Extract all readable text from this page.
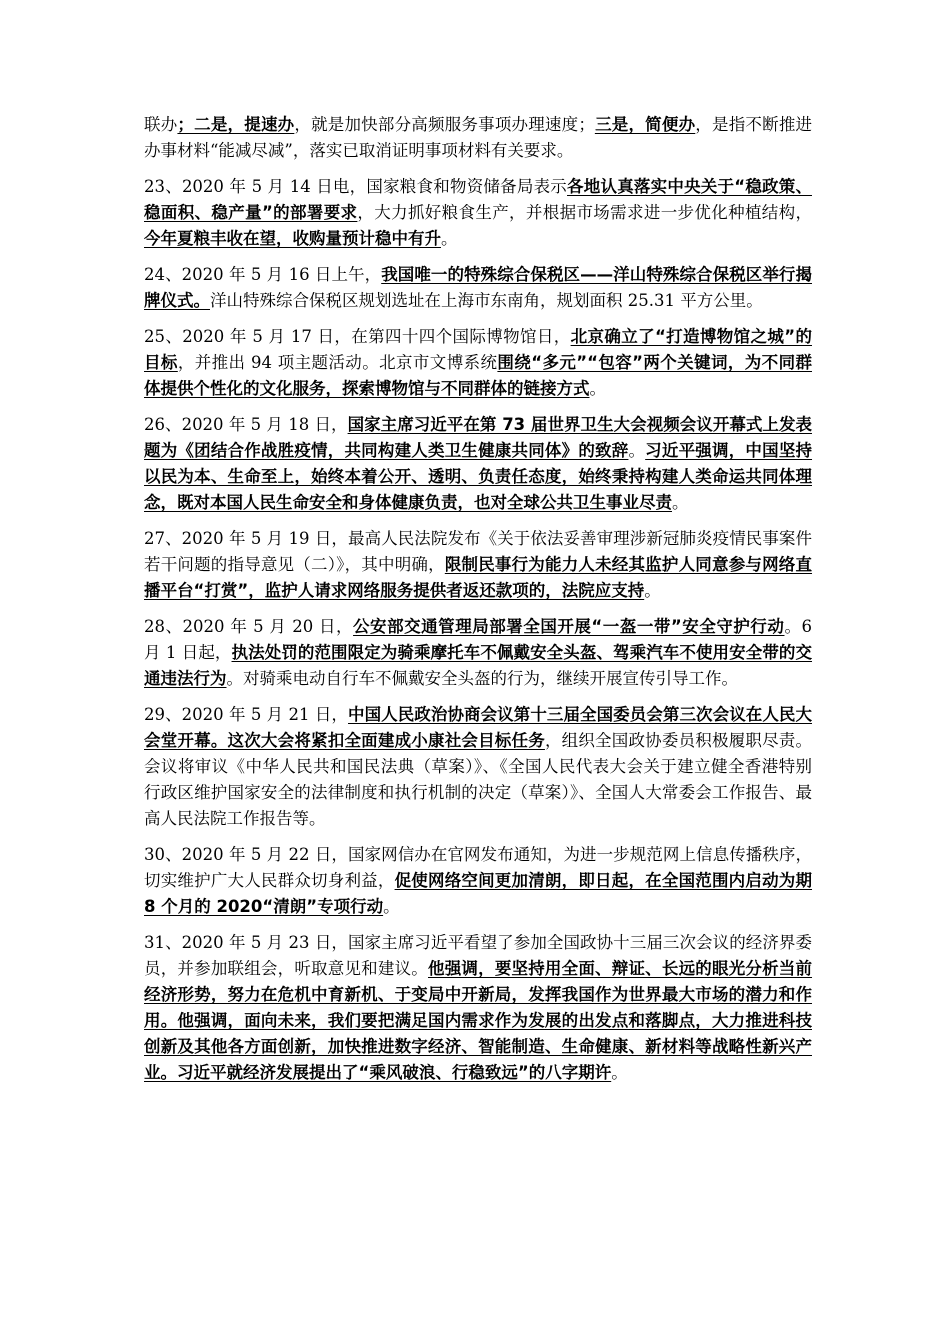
联办；二是，提速办，就是加快部分高频服务事项办理速度；三是，简便办，是指不断推进办事材料“能减尽减”，落实已取消证明事项材料有关要求。

23、2020 年 5 月 14 日电，国家粮食和物资储备局表示各地认真落实中央关于“稳政策、稳面积、稳产量”的部署要求，大力抓好粮食生产，并根据市场需求进一步优化种植结构，今年夏粮丰收在望，收购量预计稳中有升。

24、2020 年 5 月 16 日上午，我国唯一的特殊综合保税区——洋山特殊综合保税区举行揭牌仪式。洋山特殊综合保税区规划选址在上海市东南角，规划面积 25.31 平方公里。

25、2020 年 5 月 17 日，在第四十四个国际博物馆日，北京确立了“打造博物馆之城”的目标，并推出 94 项主题活动。北京市文博系统围绕“多元”“包容”两个关键词，为不同群体提供个性化的文化服务，探索博物馆与不同群体的链接方式。

26、2020 年 5 月 18 日，国家主席习近平在第 73 届世界卫生大会视频会议开幕式上发表题为《团结合作战胜疫情，共同构建人类卫生健康共同体》的致辞。习近平强调，中国坚持以民为本、生命至上，始终本着公开、透明、负责任态度，始终秉持构建人类命运共同体理念，既对本国人民生命安全和身体健康负责，也对全球公共卫生事业尽责。

27、2020 年 5 月 19 日，最高人民法院发布《关于依法妥善审理涉新冠肺炎疫情民事案件若干问题的指导意见（二）》，其中明确，限制民事行为能力人未经其监护人同意参与网络直播平台“打赏”，监护人请求网络服务提供者返还款项的，法院应支持。

28、2020 年 5 月 20 日，公安部交通管理局部署全国开展“一盔一带”安全守护行动。6 月 1 日起，执法处罚的范围限定为骑乘摩托车不佩戴安全头盔、驾乘汽车不使用安全带的交通违法行为。对骑乘电动自行车不佩戴安全头盔的行为，继续开展宣传引导工作。

29、2020 年 5 月 21 日，中国人民政治协商会议第十三届全国委员会第三次会议在人民大会堂开幕。这次大会将紧扣全面建成小康社会目标任务，组织全国政协委员积极履职尽责。会议将审议《中华人民共和国民法典（草案）》、《全国人民代表大会关于建立健全香港特别行政区维护国家安全的法律制度和执行机制的决定（草案）》、全国人大常委会工作报告、最高人民法院工作报告等。

30、2020 年 5 月 22 日，国家网信办在官网发布通知，为进一步规范网上信息传播秩序，切实维护广大人民群众切身利益，促使网络空间更加清朗，即日起，在全国范围内启动为期 8 个月的 2020“清朗”专项行动。

31、2020 年 5 月 23 日，国家主席习近平看望了参加全国政协十三届三次会议的经济界委员，并参加联组会，听取意见和建议。他强调，要坚持用全面、辩证、长远的眼光分析当前经济形势，努力在危机中育新机、于变局中开新局，发挥我国作为世界最大市场的潜力和作用。他强调，面向未来，我们要把满足国内需求作为发展的出发点和落脚点，大力推进科技创新及其他各方面创新，加快推进数字经济、智能制造、生命健康、新材料等战略性新兴产业。习近平就经济发展提出了“乘风破浪、行稳致远”的八字期许。
